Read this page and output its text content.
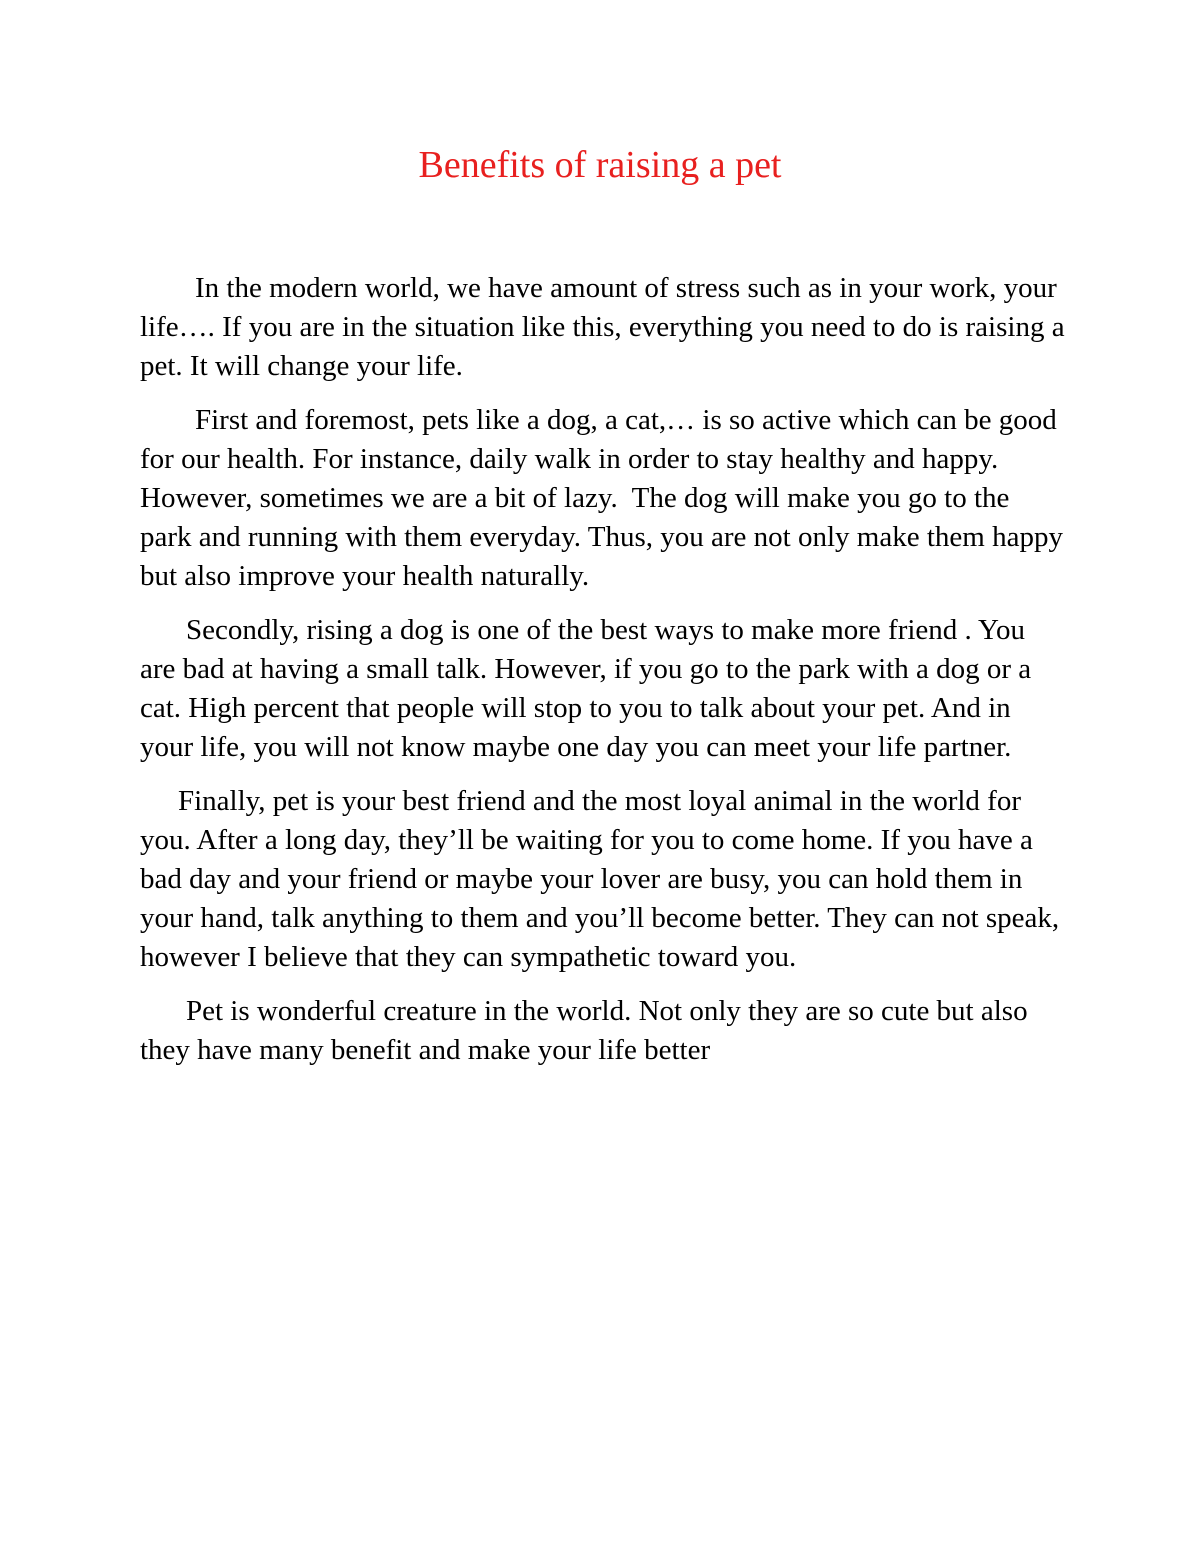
Benefits of raising a pet

In the modern world, we have amount of stress such as in your work, your life…. If you are in the situation like this, everything you need to do is raising a pet. It will change your life.

First and foremost, pets like a dog, a cat,… is so active which can be good for our health. For instance, daily walk in order to stay healthy and happy. However, sometimes we are a bit of lazy.  The dog will make you go to the park and running with them everyday. Thus, you are not only make them happy but also improve your health naturally.

Secondly, rising a dog is one of the best ways to make more friend . You are bad at having a small talk. However, if you go to the park with a dog or a cat. High percent that people will stop to you to talk about your pet. And in your life, you will not know maybe one day you can meet your life partner.

Finally, pet is your best friend and the most loyal animal in the world for you. After a long day, they’ll be waiting for you to come home. If you have a bad day and your friend or maybe your lover are busy, you can hold them in your hand, talk anything to them and you’ll become better. They can not speak, however I believe that they can sympathetic toward you.

Pet is wonderful creature in the world. Not only they are so cute but also they have many benefit and make your life better
